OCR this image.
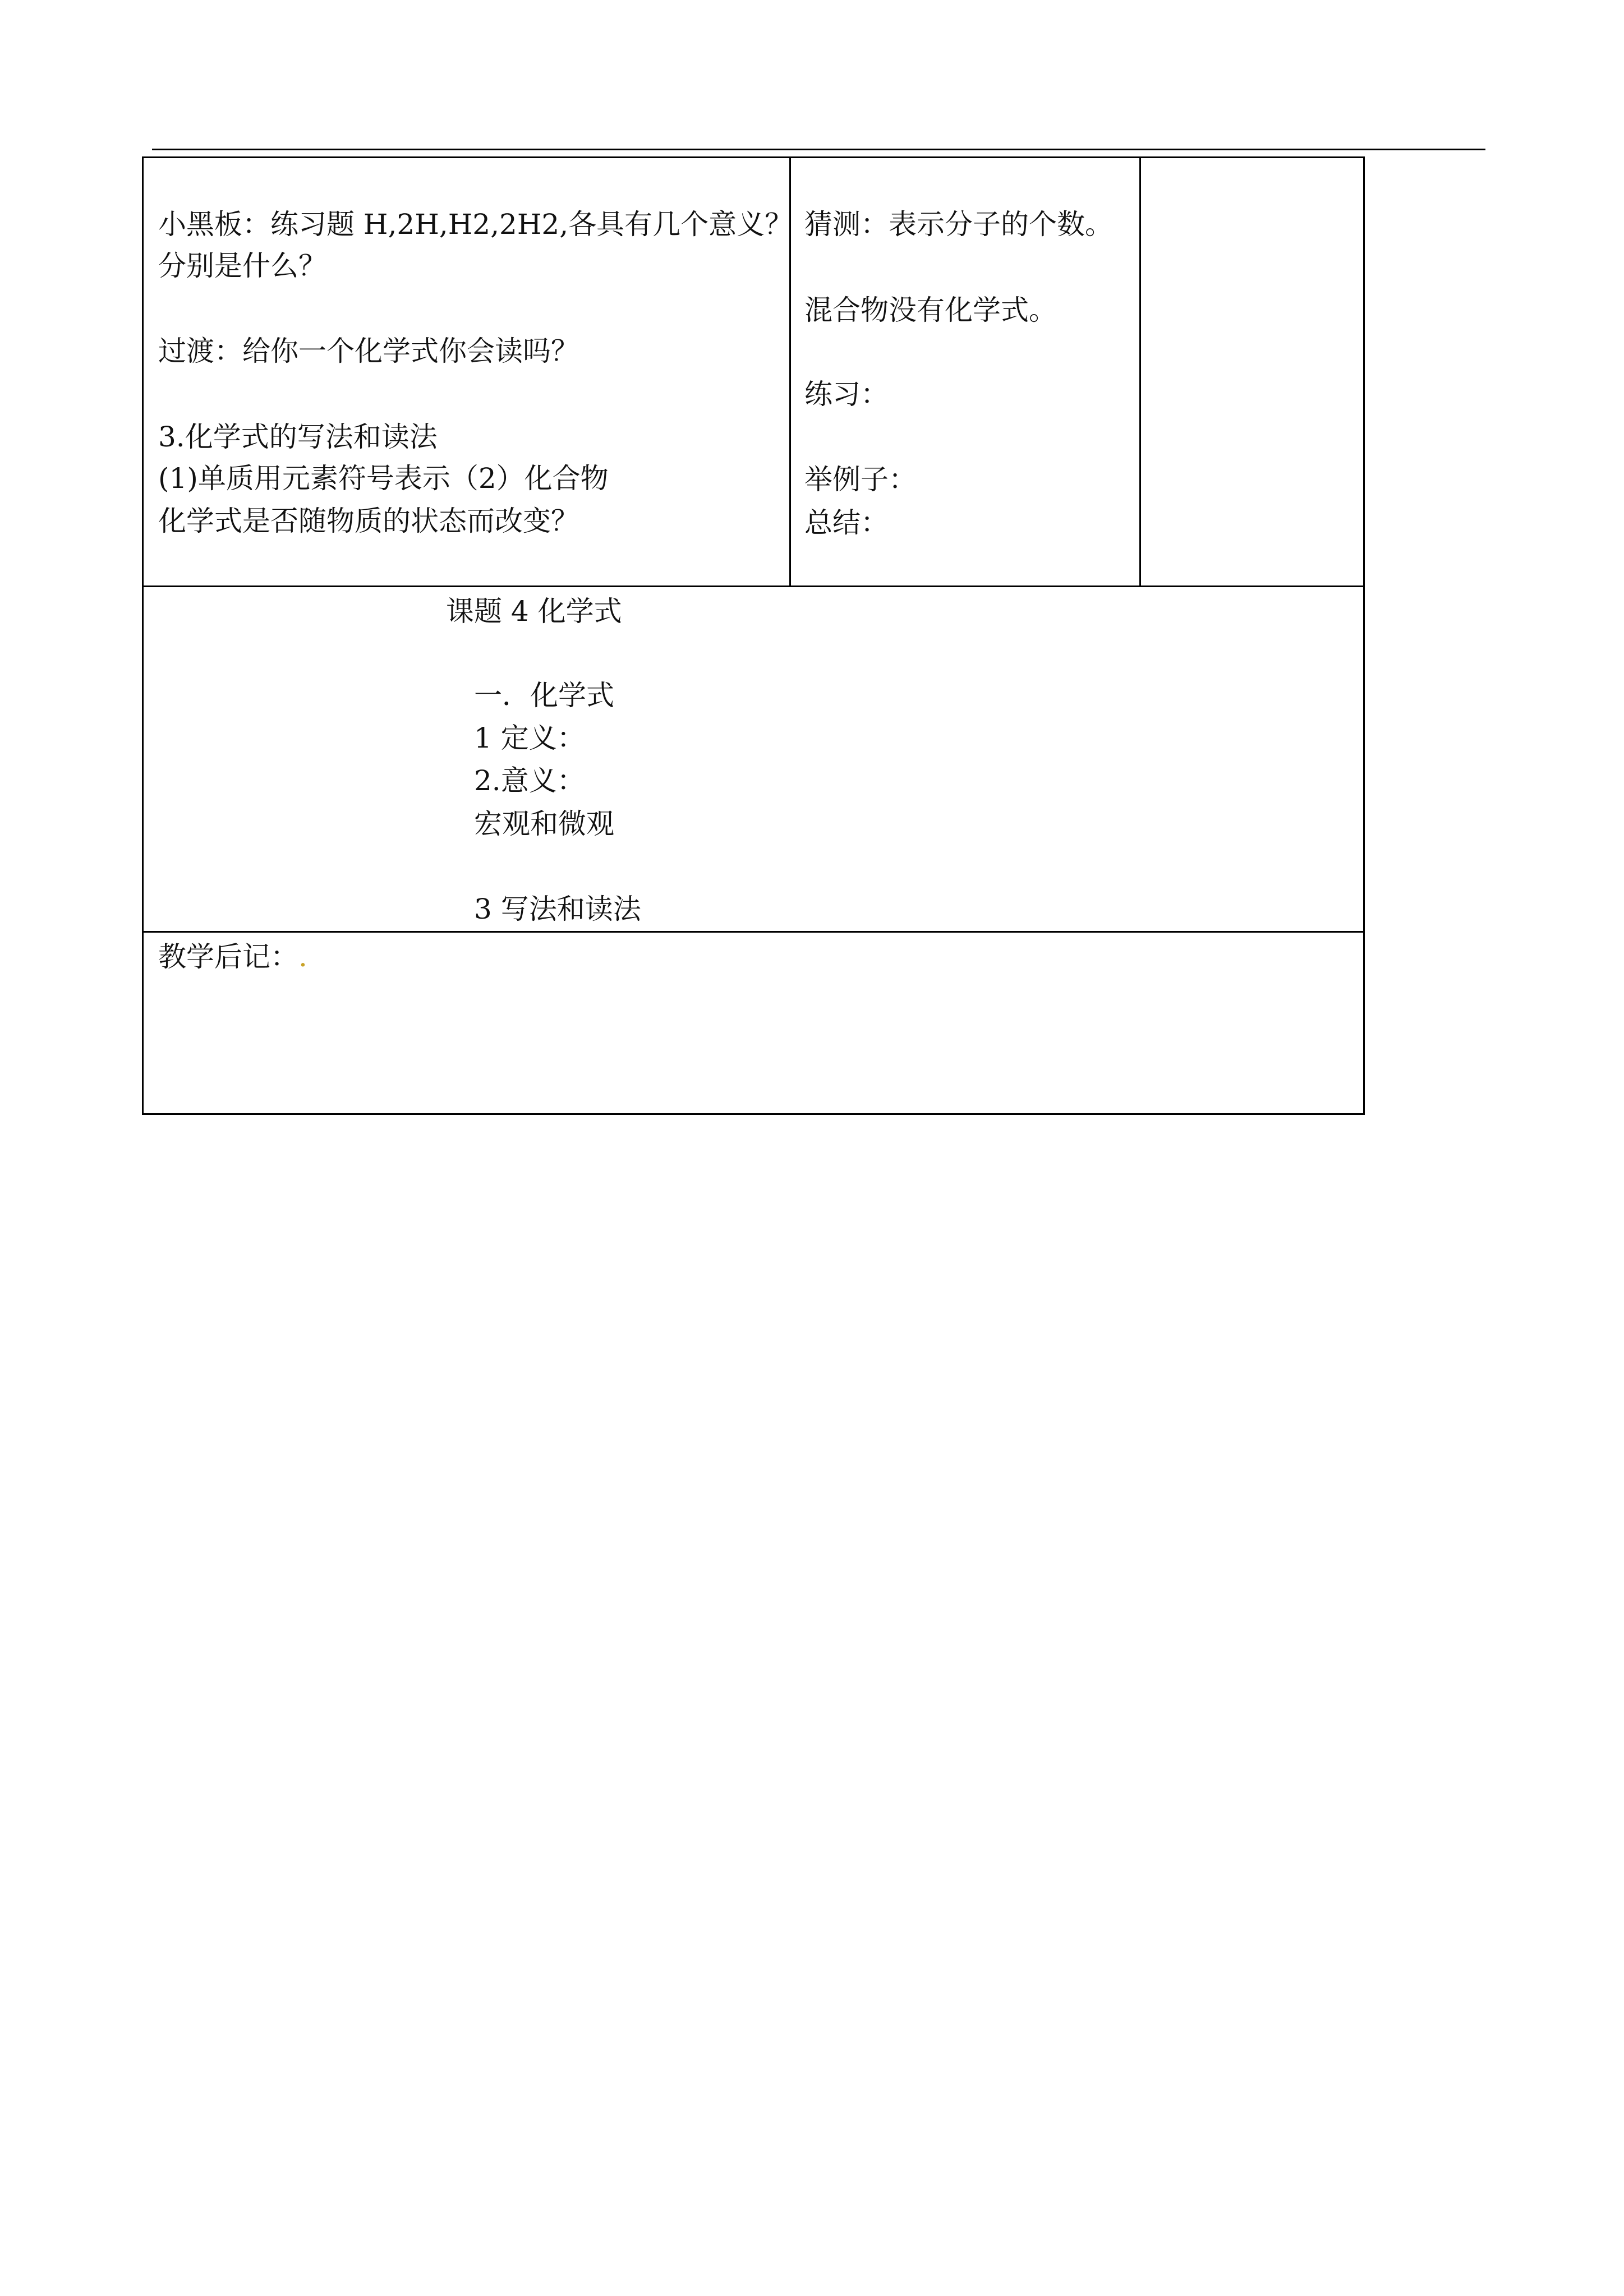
小黑板：练习题 H,2H,H2,2H2,各具有几个意义？
分别是什么？
过渡：给你一个化学式你会读吗？
3.化学式的写法和读法
(1)单质用元素符号表示（2）化合物
化学式是否随物质的状态而改变？
猜测：表示分子的个数。
混合物没有化学式。
练习：
举例子：
总结：
课题 4 化学式
一．化学式
1 定义：
2.意义：
宏观和微观
3 写法和读法
教学后记：.
